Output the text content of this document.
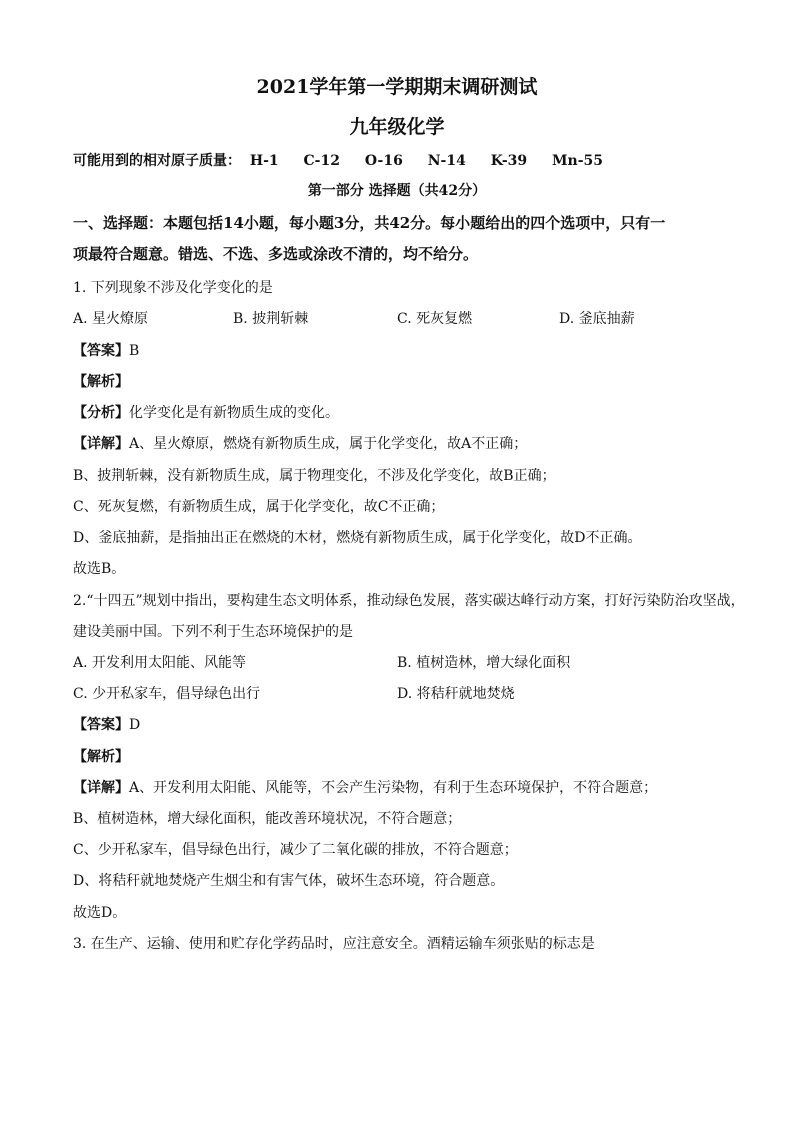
2021学年第一学期期末调研测试
九年级化学
可能用到的相对原子质量： H-1 C-12 O-16 N-14 K-39 Mn-55
第一部分 选择题（共42分）
一、选择题：本题包括14小题，每小题3分，共42分。每小题给出的四个选项中，只有一
项最符合题意。错选、不选、多选或涂改不清的，均不给分。
1. 下列现象不涉及化学变化的是
A. 星火燎原	B. 披荆斩棘	C. 死灰复燃	D. 釜底抽薪
【答案】B
【解析】
【分析】化学变化是有新物质生成的变化。
【详解】A、星火燎原，燃烧有新物质生成，属于化学变化，故A不正确；
B、披荆斩棘，没有新物质生成，属于物理变化，不涉及化学变化，故B正确；
C、死灰复燃，有新物质生成，属于化学变化，故C不正确；
D、釜底抽薪，是指抽出正在燃烧的木材，燃烧有新物质生成，属于化学变化，故D不正确。
故选B。
2.“十四五”规划中指出，要构建生态文明体系，推动绿色发展，落实碳达峰行动方案，打好污染防治攻坚战，
建设美丽中国。下列不利于生态环境保护的是
A. 开发利用太阳能、风能等	B. 植树造林，增大绿化面积
C. 少开私家车，倡导绿色出行	D. 将秸秆就地焚烧
【答案】D
【解析】
【详解】A、开发利用太阳能、风能等，不会产生污染物，有利于生态环境保护，不符合题意；
B、植树造林，增大绿化面积，能改善环境状况，不符合题意；
C、少开私家车，倡导绿色出行，减少了二氧化碳的排放，不符合题意；
D、将秸秆就地焚烧产生烟尘和有害气体，破坏生态环境，符合题意。
故选D。
3. 在生产、运输、使用和贮存化学药品时，应注意安全。酒精运输车须张贴的标志是
